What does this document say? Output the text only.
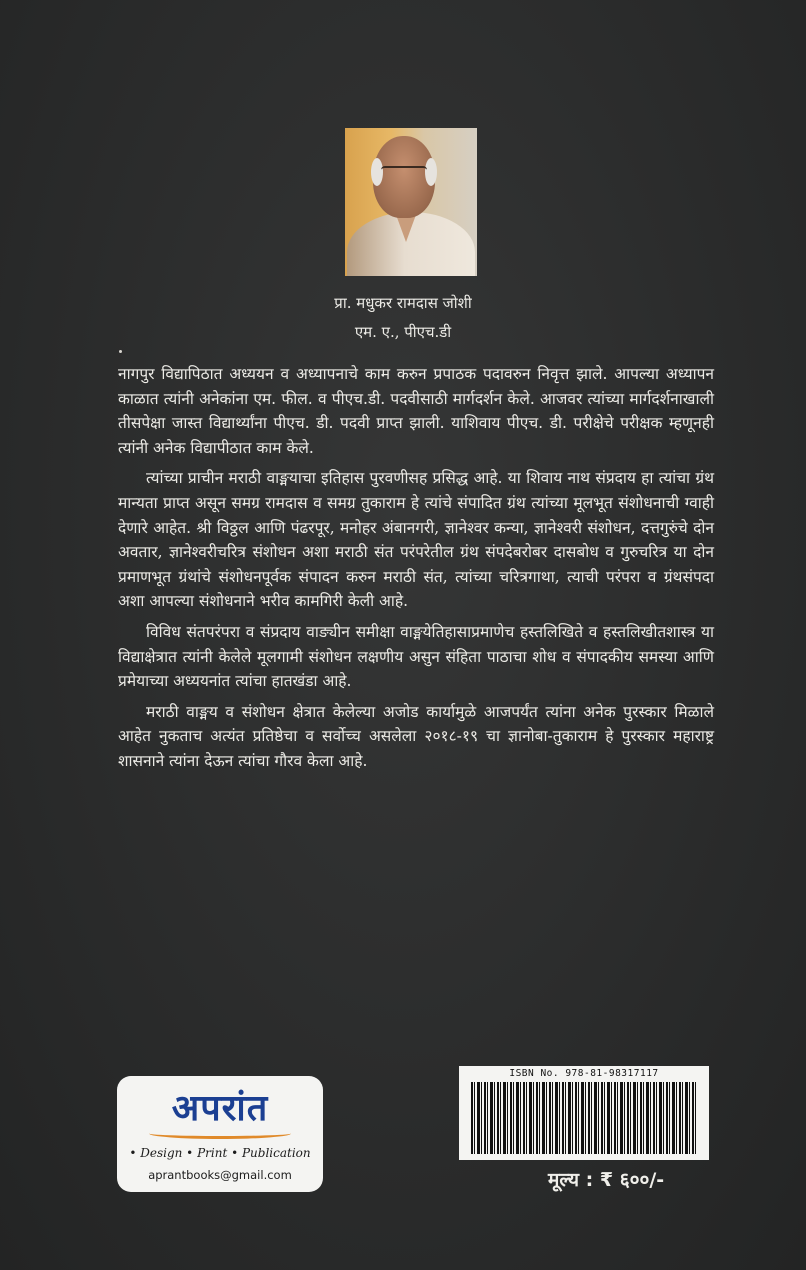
प्रा. मधुकर रामदास जोशी
एम. ए., पीएच.डी

नागपुर विद्यापिठात अध्ययन व अध्यापनाचे काम करुन प्रपाठक पदावरुन निवृत्त झाले. आपल्या अध्यापन काळात त्यांनी अनेकांना एम. फील. व पीएच.डी. पदवीसाठी मार्गदर्शन केले. आजवर त्यांच्या मार्गदर्शनाखाली तीसपेक्षा जास्त विद्यार्थ्यांना पीएच. डी. पदवी प्राप्त झाली. याशिवाय पीएच. डी. परीक्षेचे परीक्षक म्हणूनही त्यांनी अनेक विद्यापीठात काम केले.

त्यांच्या प्राचीन मराठी वाङ्मयाचा इतिहास पुरवणीसह प्रसिद्ध आहे. या शिवाय नाथ संप्रदाय हा त्यांचा ग्रंथ मान्यता प्राप्त असून समग्र रामदास व समग्र तुकाराम हे त्यांचे संपादित ग्रंथ त्यांच्या मूलभूत संशोधनाची ग्वाही देणारे आहेत. श्री विठ्ठल आणि पंढरपूर, मनोहर अंबानगरी, ज्ञानेश्वर कन्या, ज्ञानेश्वरी संशोधन, दत्तगुरुंचे दोन अवतार, ज्ञानेश्वरीचरित्र संशोधन अशा मराठी संत परंपरेतील ग्रंथ संपदेबरोबर दासबोध व गुरुचरित्र या दोन प्रमाणभूत ग्रंथांचे संशोधनपूर्वक संपादन करुन मराठी संत, त्यांच्या चरित्रगाथा, त्याची परंपरा व ग्रंथसंपदा अशा आपल्या संशोधनाने भरीव कामगिरी केली आहे.

विविध संतपरंपरा व संप्रदाय वाङ्यीन समीक्षा वाङ्मयेतिहासाप्रमाणेच हस्तलिखिते व हस्तलिखीतशास्त्र या विद्याक्षेत्रात त्यांनी केलेले मूलगामी संशोधन लक्षणीय असुन संहिता पाठाचा शोध व संपादकीय समस्या आणि प्रमेयाच्या अध्ययनांत त्यांचा हातखंडा आहे.

मराठी वाङ्मय व संशोधन क्षेत्रात केलेल्या अजोड कार्यामुळे आजपर्यंत त्यांना अनेक पुरस्कार मिळाले आहेत नुकताच अत्यंत प्रतिष्ठेचा व सर्वोच्च असलेला २०१८-१९ चा ज्ञानोबा-तुकाराम हे पुरस्कार महाराष्ट्र शासनाने त्यांना देऊन त्यांचा गौरव केला आहे.

अपरांत
• Design • Print • Publication
aprantbooks@gmail.com
ISBN No. 978-81-98317117
मूल्य : ₹ ६००/-
